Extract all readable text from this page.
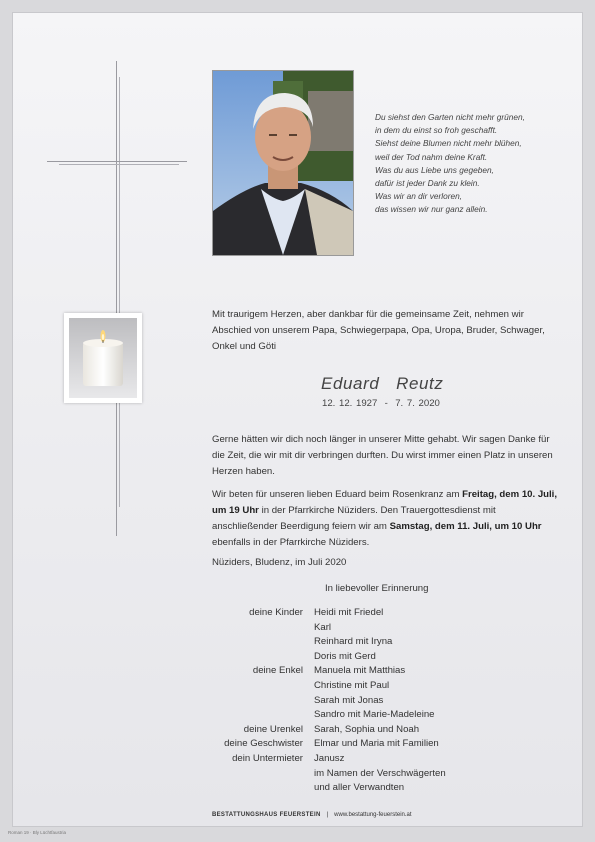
Du siehst den Garten nicht mehr grünen,
in dem du einst so froh geschafft.
Siehst deine Blumen nicht mehr blühen,
weil der Tod nahm deine Kraft.
Was du aus Liebe uns gegeben,
dafür ist jeder Dank zu klein.
Was wir an dir verloren,
das wissen wir nur ganz allein.
Mit traurigem Herzen, aber dankbar für die gemeinsame Zeit, nehmen wir Abschied von unserem Papa, Schwiegerpapa, Opa, Uropa, Bruder, Schwager, Onkel und Göti
Eduard  Reutz
12. 12. 1927  -  7. 7. 2020
Gerne hätten wir dich noch länger in unserer Mitte gehabt. Wir sagen Danke für die Zeit, die wir mit dir verbringen durften. Du wirst immer einen Platz in unseren Herzen haben.
Wir beten für unseren lieben Eduard beim Rosenkranz am Freitag, dem 10. Juli, um 19 Uhr in der Pfarrkirche Nüziders. Den Trauergottesdienst mit anschließender Beerdigung feiern wir am Samstag, dem 11. Juli, um 10 Uhr ebenfalls in der Pfarrkirche Nüziders.
Nüziders, Bludenz, im Juli 2020
In liebevoller Erinnerung
deine Kinder	Heidi mit Friedel
Karl
Reinhard mit Iryna
Doris mit Gerd
deine Enkel	Manuela mit Matthias
Christine mit Paul
Sarah mit Jonas
Sandro mit Marie-Madeleine
deine Urenkel	Sarah, Sophia und Noah
deine Geschwister	Elmar und Maria mit Familien
dein Untermieter	Janusz
im Namen der Verschwägerten
und aller Verwandten
BESTATTUNGSHAUS FEUERSTEIN | www.bestattung-feuerstein.at
Roman 19 · Bly Lüchtfaustria
